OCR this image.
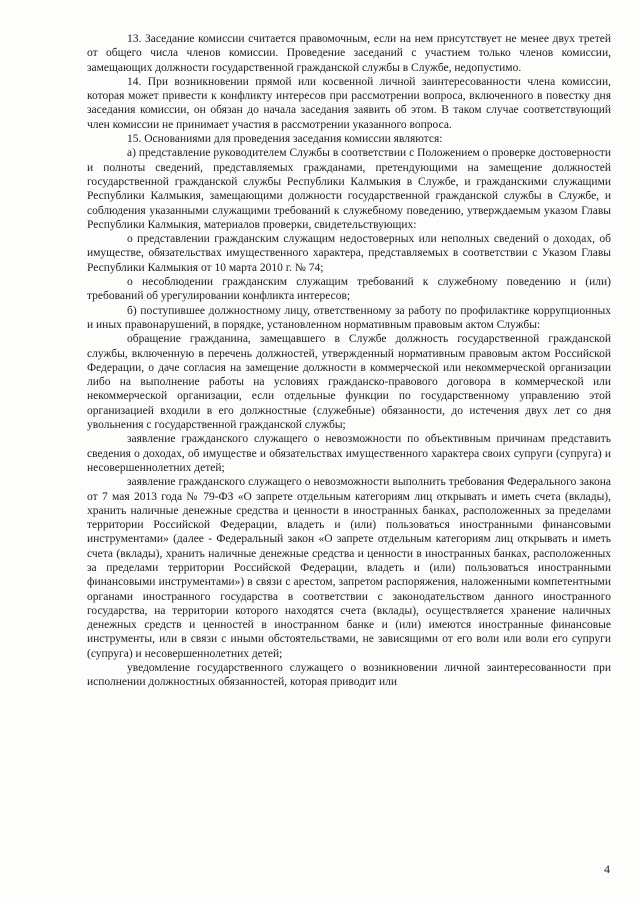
13. Заседание комиссии считается правомочным, если на нем присутствует не менее двух третей от общего числа членов комиссии. Проведение заседаний с участием только членов комиссии, замещающих должности государственной гражданской службы в Службе, недопустимо.

14. При возникновении прямой или косвенной личной заинтересованности члена комиссии, которая может привести к конфликту интересов при рассмотрении вопроса, включенного в повестку дня заседания комиссии, он обязан до начала заседания заявить об этом. В таком случае соответствующий член комиссии не принимает участия в рассмотрении указанного вопроса.

15. Основаниями для проведения заседания комиссии являются:

а) представление руководителем Службы в соответствии с Положением о проверке достоверности и полноты сведений, представляемых гражданами, претендующими на замещение должностей государственной гражданской службы Республики Калмыкия в Службе, и гражданскими служащими Республики Калмыкия, замещающими должности государственной гражданской службы в Службе, и соблюдения указанными служащими требований к служебному поведению, утверждаемым указом Главы Республики Калмыкия, материалов проверки, свидетельствующих:

о представлении гражданским служащим недостоверных или неполных сведений о доходах, об имуществе, обязательствах имущественного характера, представляемых в соответствии с Указом Главы Республики Калмыкия от 10 марта 2010 г. № 74;

о несоблюдении гражданским служащим требований к служебному поведению и (или) требований об урегулировании конфликта интересов;

б) поступившее должностному лицу, ответственному за работу по профилактике коррупционных и иных правонарушений, в порядке, установленном нормативным правовым актом Службы:

обращение гражданина, замещавшего в Службе должность государственной гражданской службы, включенную в перечень должностей, утвержденный нормативным правовым актом Российской Федерации, о даче согласия на замещение должности в коммерческой или некоммерческой организации либо на выполнение работы на условиях гражданско-правового договора в коммерческой или некоммерческой организации, если отдельные функции по государственному управлению этой организацией входили в его должностные (служебные) обязанности, до истечения двух лет со дня увольнения с государственной гражданской службы;

заявление гражданского служащего о невозможности по объективным причинам представить сведения о доходах, об имуществе и обязательствах имущественного характера своих супруги (супруга) и несовершеннолетних детей;

заявление гражданского служащего о невозможности выполнить требования Федерального закона от 7 мая 2013 года № 79-ФЗ «О запрете отдельным категориям лиц открывать и иметь счета (вклады), хранить наличные денежные средства и ценности в иностранных банках, расположенных за пределами территории Российской Федерации, владеть и (или) пользоваться иностранными финансовыми инструментами» (далее - Федеральный закон «О запрете отдельным категориям лиц открывать и иметь счета (вклады), хранить наличные денежные средства и ценности в иностранных банках, расположенных за пределами территории Российской Федерации, владеть и (или) пользоваться иностранными финансовыми инструментами») в связи с арестом, запретом распоряжения, наложенными компетентными органами иностранного государства в соответствии с законодательством данного иностранного государства, на территории которого находятся счета (вклады), осуществляется хранение наличных денежных средств и ценностей в иностранном банке и (или) имеются иностранные финансовые инструменты, или в связи с иными обстоятельствами, не зависящими от его воли или воли его супруги (супруга) и несовершеннолетних детей;

уведомление государственного служащего о возникновении личной заинтересованности при исполнении должностных обязанностей, которая приводит или

4
